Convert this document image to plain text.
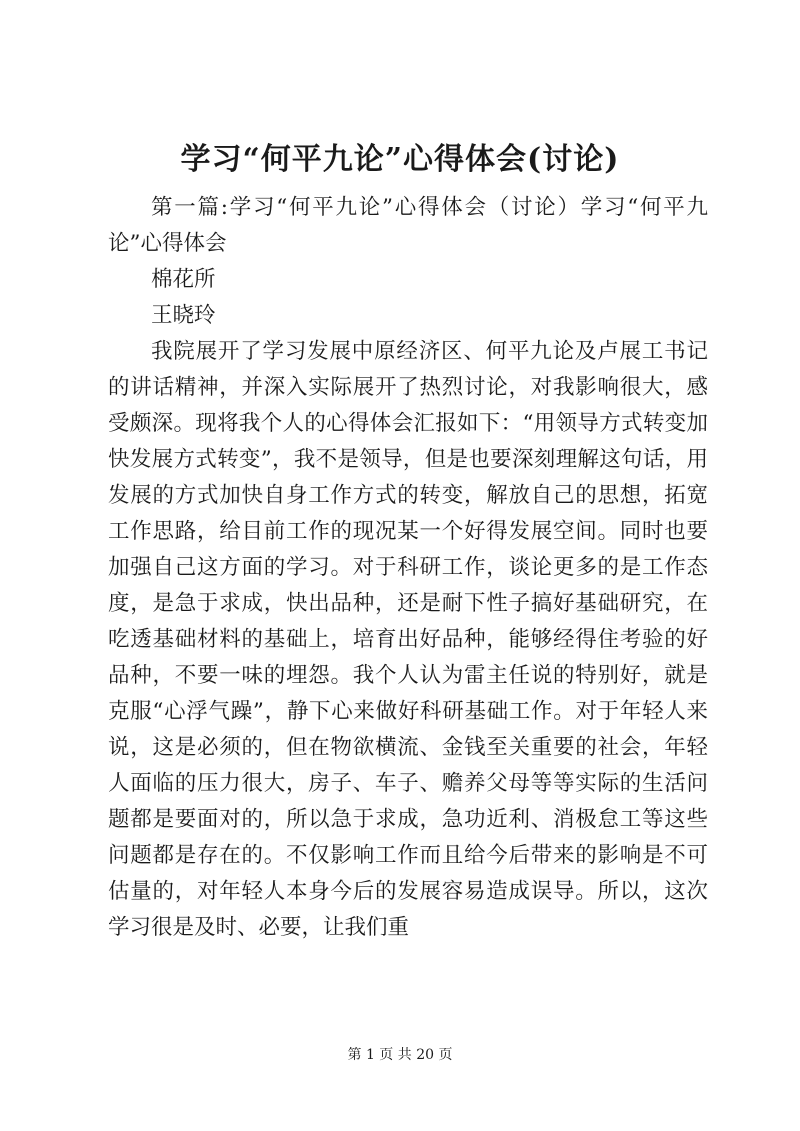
学习“何平九论”心得体会(讨论)

第一篇:学习“何平九论”心得体会（讨论）学习“何平九论”心得体会

棉花所

王晓玲

我院展开了学习发展中原经济区、何平九论及卢展工书记的讲话精神，并深入实际展开了热烈讨论，对我影响很大，感受颇深。现将我个人的心得体会汇报如下：“用领导方式转变加快发展方式转变”，我不是领导，但是也要深刻理解这句话，用发展的方式加快自身工作方式的转变，解放自己的思想，拓宽工作思路，给目前工作的现况某一个好得发展空间。同时也要加强自己这方面的学习。对于科研工作，谈论更多的是工作态度，是急于求成，快出品种，还是耐下性子搞好基础研究，在吃透基础材料的基础上，培育出好品种，能够经得住考验的好品种，不要一味的埋怨。我个人认为雷主任说的特别好，就是克服“心浮气躁”，静下心来做好科研基础工作。对于年轻人来说，这是必须的，但在物欲横流、金钱至关重要的社会，年轻人面临的压力很大，房子、车子、赡养父母等等实际的生活问题都是要面对的，所以急于求成，急功近利、消极怠工等这些问题都是存在的。不仅影响工作而且给今后带来的影响是不可估量的，对年轻人本身今后的发展容易造成误导。所以，这次学习很是及时、必要，让我们重

第 1 页 共 20 页
